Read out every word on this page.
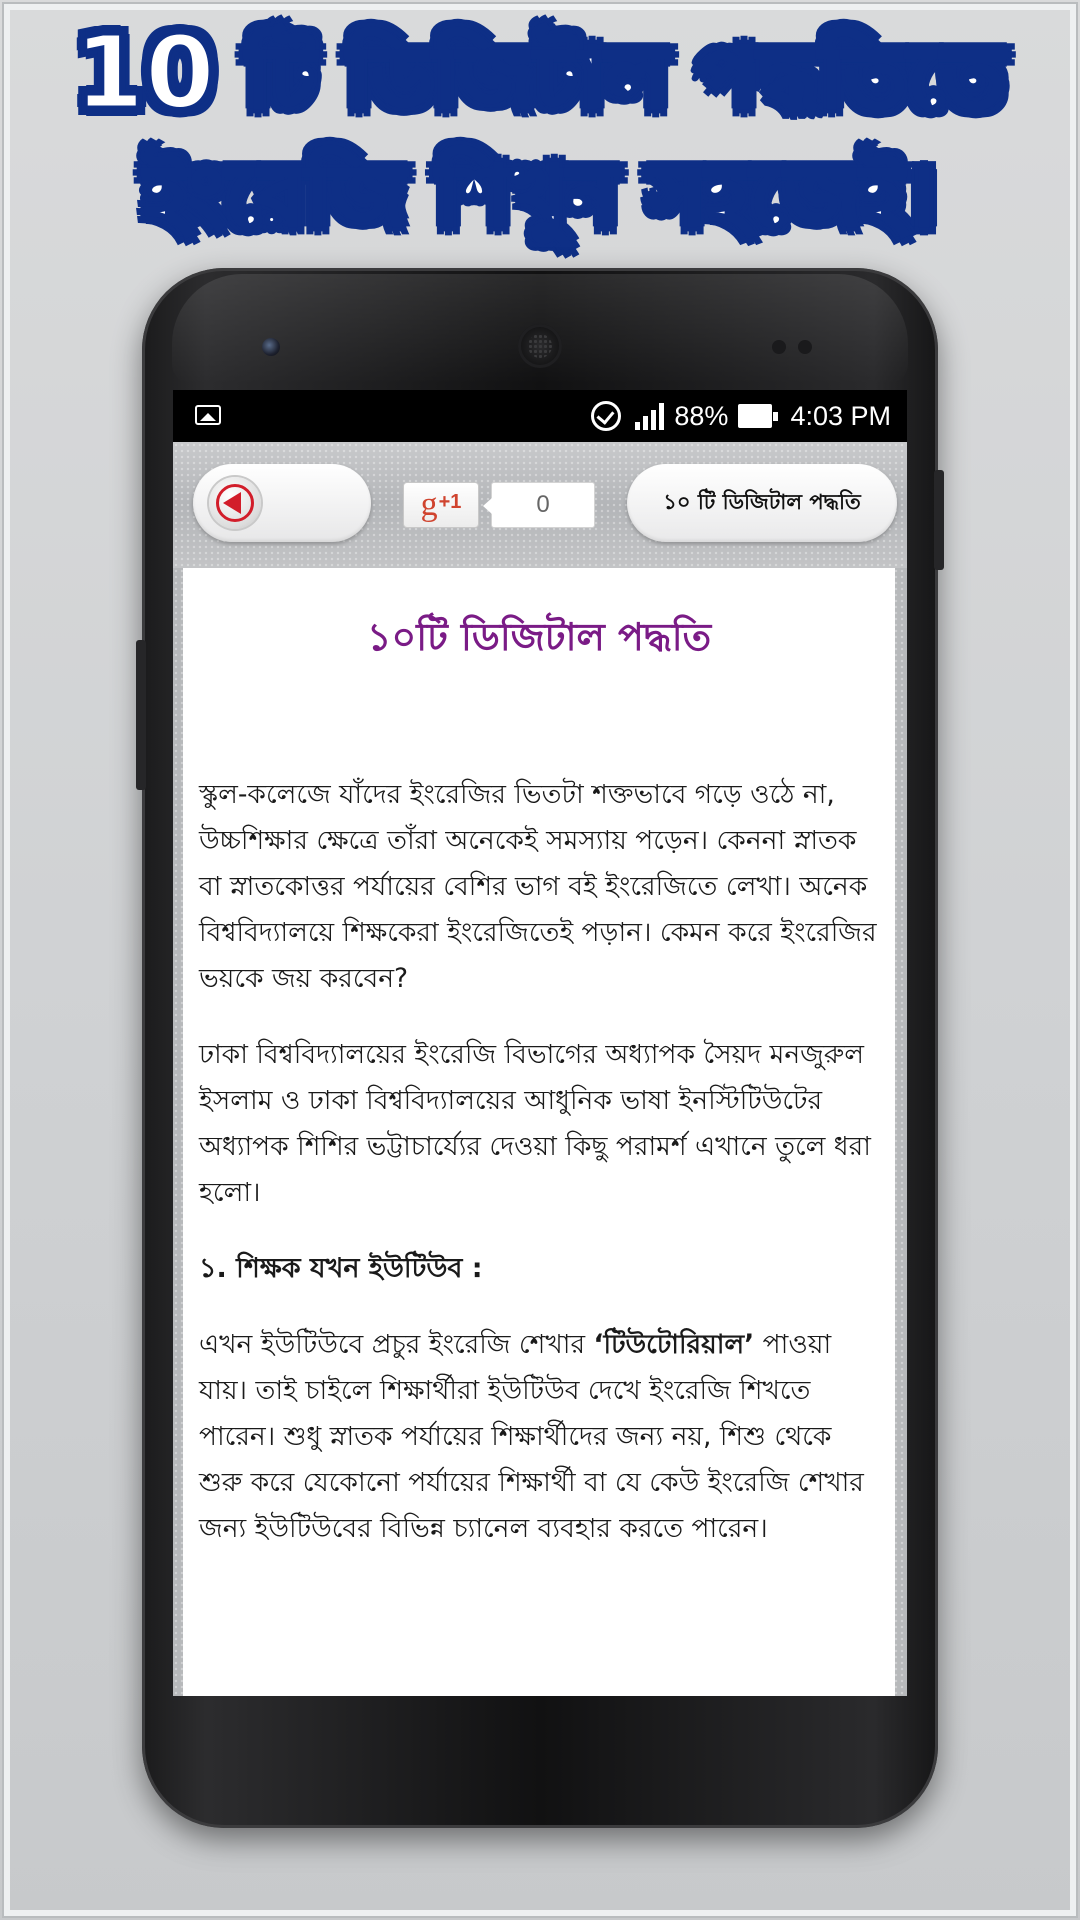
10 টি ডিজিটাল পদ্ধতিতে
ইংরেজি শিখুন সহজেই।
88% 4:03 PM
g +1	0	১০ টি ডিজিটাল পদ্ধতি
১০টি ডিজিটাল পদ্ধতি

স্কুল-কলেজে যাঁদের ইংরেজির ভিতটা শক্তভাবে গড়ে ওঠে না, উচ্চশিক্ষার ক্ষেত্রে তাঁরা অনেকেই সমস্যায় পড়েন। কেননা স্নাতক বা স্নাতকোত্তর পর্যায়ের বেশির ভাগ বই ইংরেজিতে লেখা। অনেক বিশ্ববিদ্যালয়ে শিক্ষকেরা ইংরেজিতেই পড়ান। কেমন করে ইংরেজির ভয়কে জয় করবেন?

ঢাকা বিশ্ববিদ্যালয়ের ইংরেজি বিভাগের অধ্যাপক সৈয়দ মনজুরুল ইসলাম ও ঢাকা বিশ্ববিদ্যালয়ের আধুনিক ভাষা ইনস্টিটিউটের অধ্যাপক শিশির ভট্টাচার্য্যের দেওয়া কিছু পরামর্শ এখানে তুলে ধরা হলো।

১. শিক্ষক যখন ইউটিউব :

এখন ইউটিউবে প্রচুর ইংরেজি শেখার ‘টিউটোরিয়াল’ পাওয়া যায়। তাই চাইলে শিক্ষার্থীরা ইউটিউব দেখে ইংরেজি শিখতে পারেন। শুধু স্নাতক পর্যায়ের শিক্ষার্থীদের জন্য নয়, শিশু থেকে শুরু করে যেকোনো পর্যায়ের শিক্ষার্থী বা যে কেউ ইংরেজি শেখার জন্য ইউটিউবের বিভিন্ন চ্যানেল ব্যবহার করতে পারেন।
